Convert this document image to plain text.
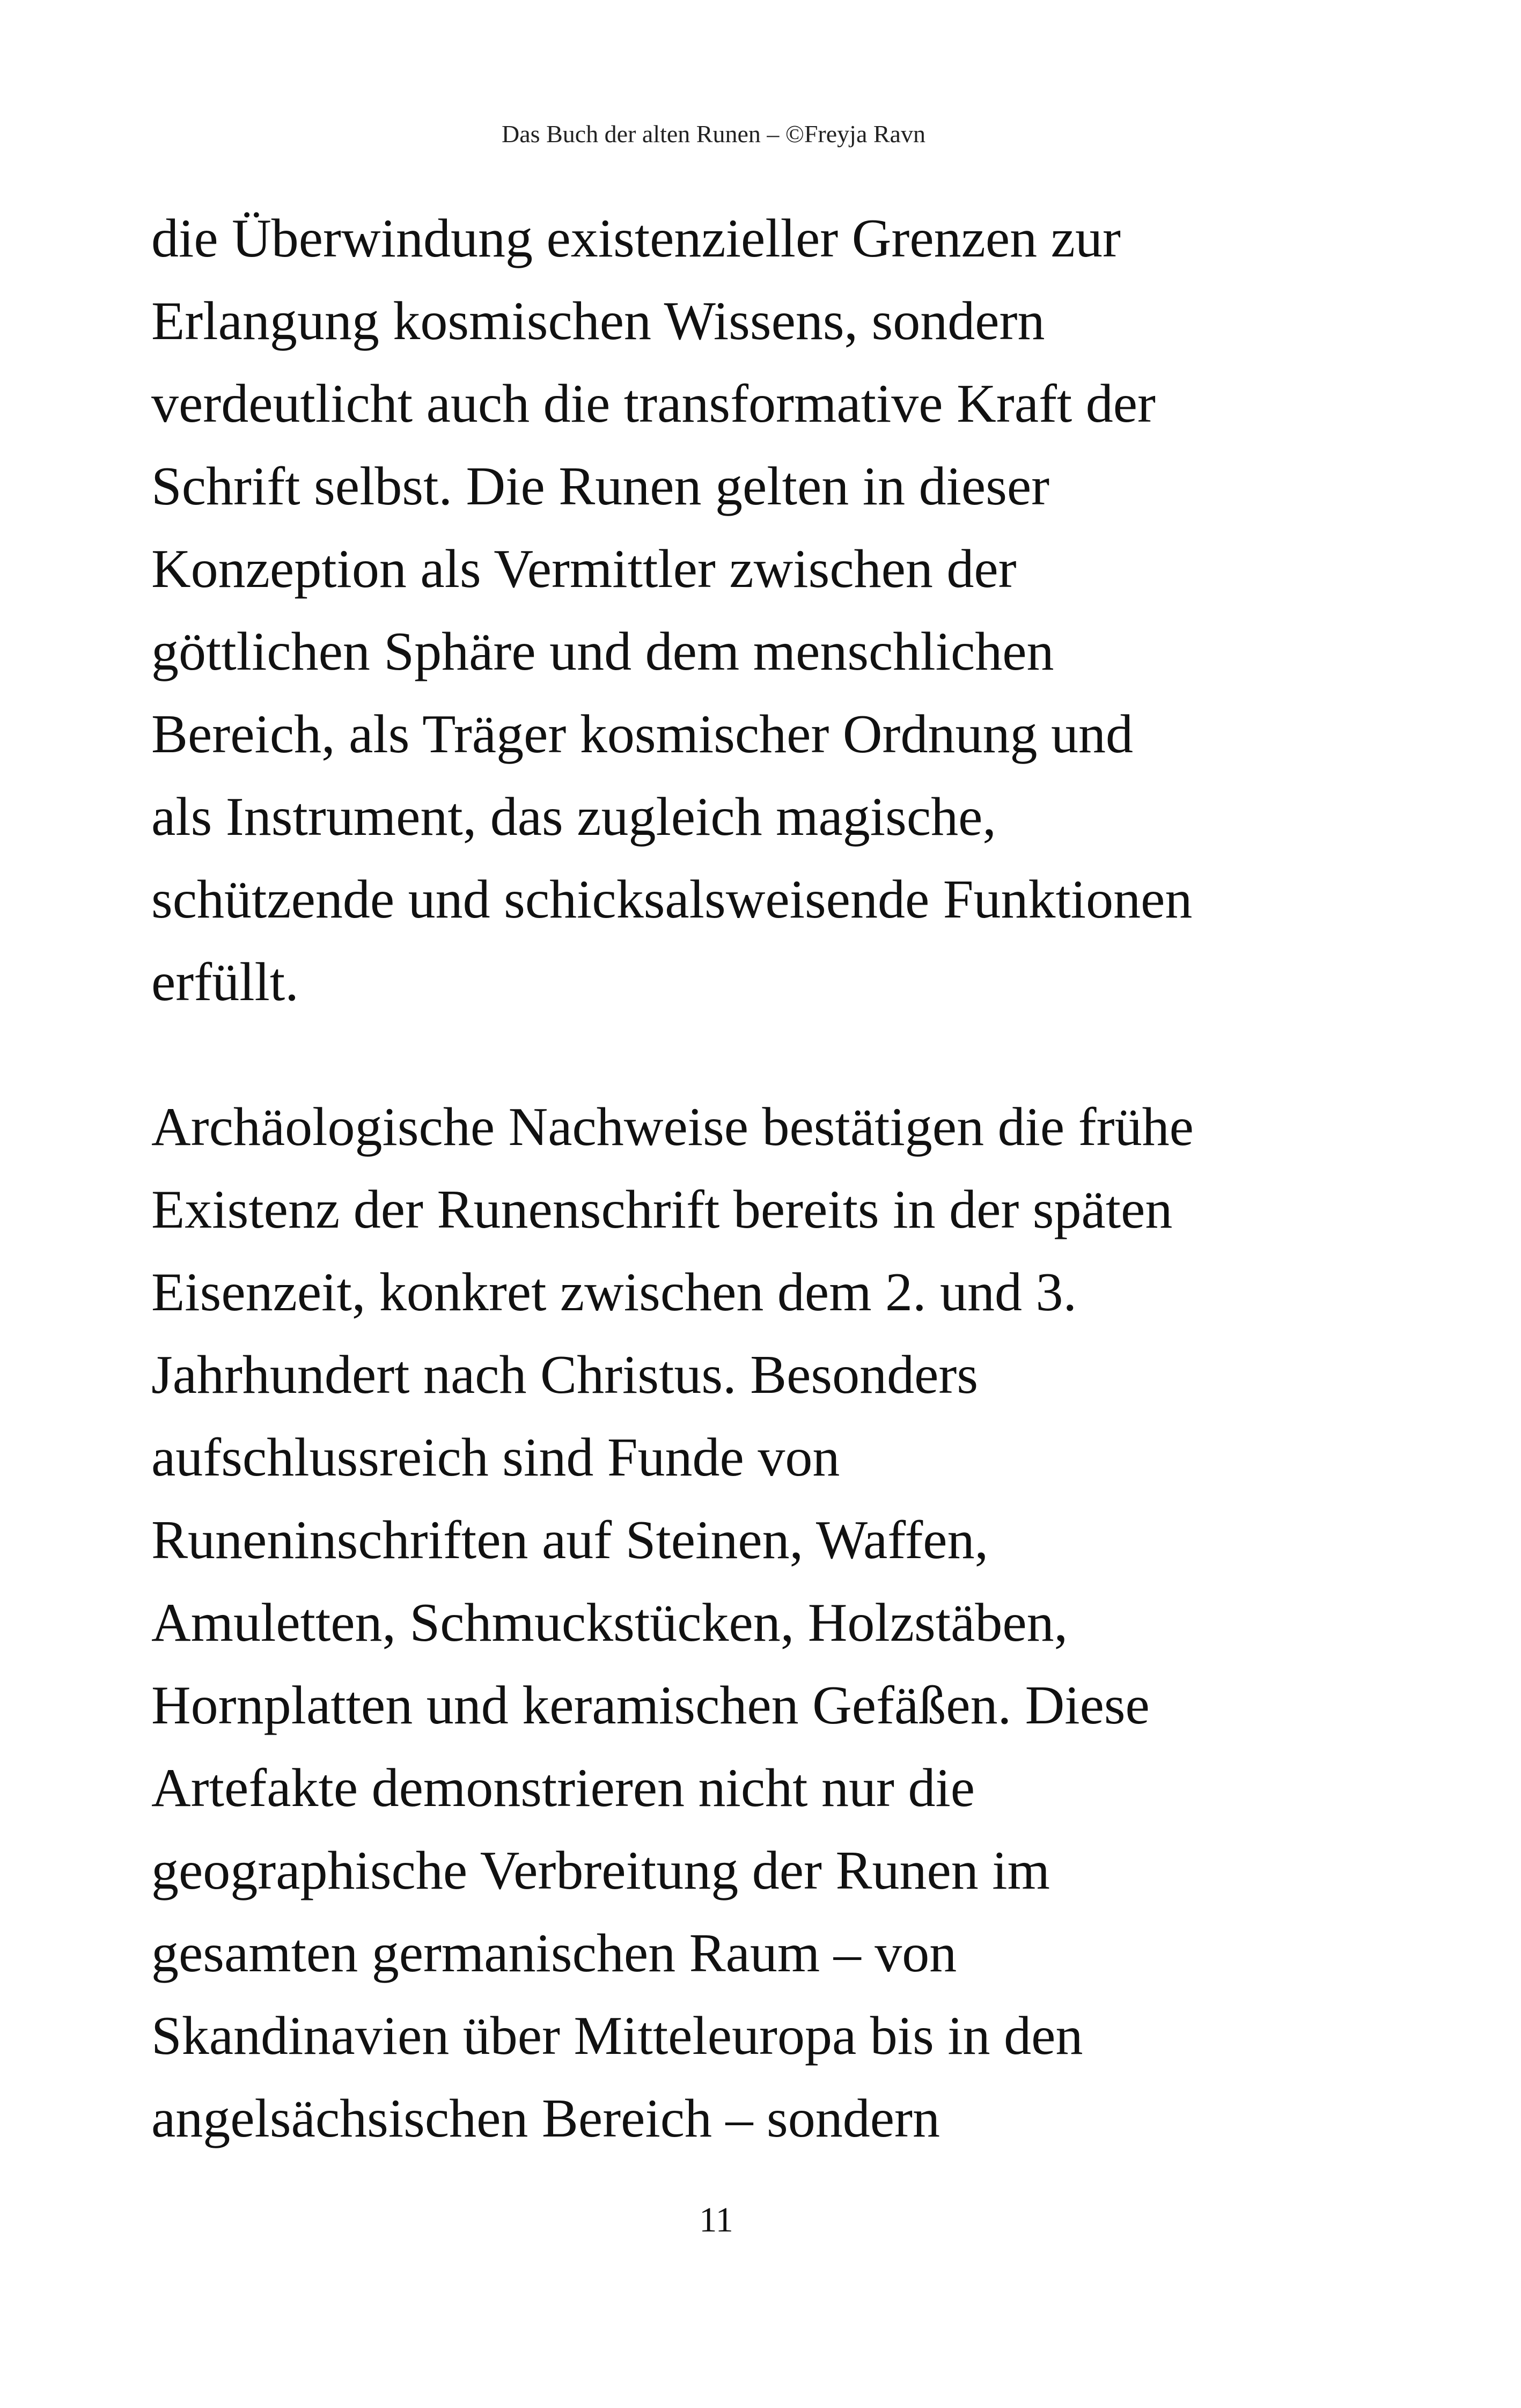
Das Buch der alten Runen – ©Freyja Ravn

die Überwindung existenzieller Grenzen zur
Erlangung kosmischen Wissens, sondern
verdeutlicht auch die transformative Kraft der
Schrift selbst. Die Runen gelten in dieser
Konzeption als Vermittler zwischen der
göttlichen Sphäre und dem menschlichen
Bereich, als Träger kosmischer Ordnung und
als Instrument, das zugleich magische,
schützende und schicksalsweisende Funktionen
erfüllt.

Archäologische Nachweise bestätigen die frühe
Existenz der Runenschrift bereits in der späten
Eisenzeit, konkret zwischen dem 2. und 3.
Jahrhundert nach Christus. Besonders
aufschlussreich sind Funde von
Runeninschriften auf Steinen, Waffen,
Amuletten, Schmuckstücken, Holzstäben,
Hornplatten und keramischen Gefäßen. Diese
Artefakte demonstrieren nicht nur die
geographische Verbreitung der Runen im
gesamten germanischen Raum – von
Skandinavien über Mitteleuropa bis in den
angelsächsischen Bereich – sondern

11
